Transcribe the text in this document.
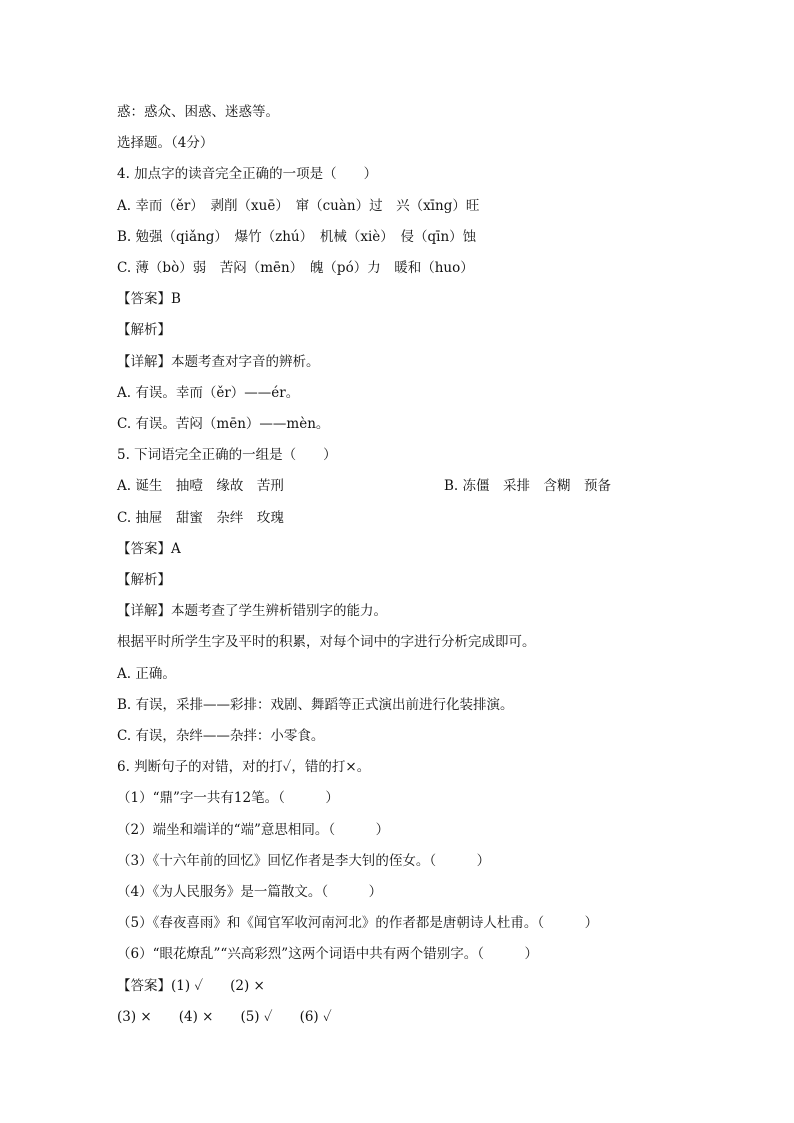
惑：惑众、困惑、迷惑等。
选择题。（4分）
4. 加点字的读音完全正确的一项是（　　）
A. 幸而（ěr）　剥削（xuē）　窜（cuàn）过　兴（xīng）旺
B. 勉强（qiǎng）　爆竹（zhú）　机械（xiè）　侵（qīn）蚀
C. 薄（bò）弱　苦闷（mēn）　魄（pó）力　暖和（huo）
【答案】B
【解析】
【详解】本题考查对字音的辨析。
A. 有误。幸而（ěr）——ér。
C. 有误。苦闷（mēn）——mèn。
5. 下词语完全正确的一组是（　　）
A. 诞生　抽噎　缘故　苦刑	B. 冻僵　采排　含糊　预备
C. 抽屉　甜蜜　杂绊　玫瑰
【答案】A
【解析】
【详解】本题考查了学生辨析错别字的能力。
根据平时所学生字及平时的积累，对每个词中的字进行分析完成即可。
A. 正确。
B. 有误，采排——彩排：戏剧、舞蹈等正式演出前进行化装排演。
C. 有误，杂绊——杂拌：小零食。
6. 判断句子的对错，对的打✓，错的打×。
（1）“鼎”字一共有12笔。（　　　）
（2）端坐和端详的“端”意思相同。（　　　）
（3）《十六年前的回忆》回忆作者是李大钊的侄女。（　　　）
（4）《为人民服务》是一篇散文。（　　　）
（5）《春夜喜雨》和《闻官军收河南河北》的作者都是唐朝诗人杜甫。（　　　）
（6）“眼花燎乱”“兴高彩烈”这两个词语中共有两个错别字。（　　　）
【答案】(1) ✓　　(2) ×
(3) ×　　(4) ×　　(5) ✓　　(6) ✓
